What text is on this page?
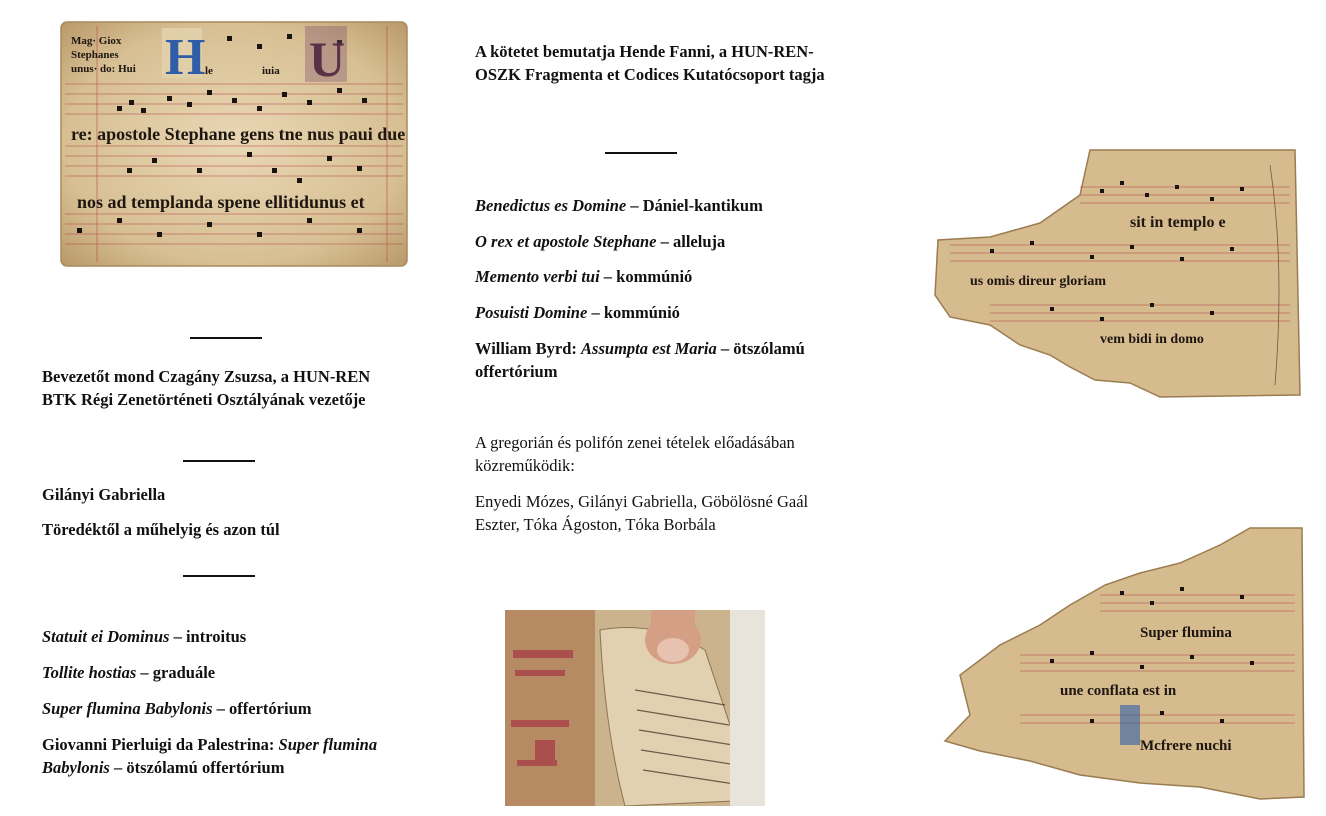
H U
re: apostole Stephane gens tne nus paui due
nos ad templanda spene ellitidunus et
Mag· Giox
Stephanes
unus· do: Hui	le	iuia
Bevezetőt mond Czagány Zsuzsa, a HUN-REN BTK Régi Zenetörténeti Osztályának vezetője
Gilányi Gabriella
Töredéktől a műhelyig és azon túl
Statuit ei Dominus – introitus
Tollite hostias – graduále
Super flumina Babylonis – offertórium
Giovanni Pierluigi da Palestrina: Super flumina Babylonis – ötszólamú offertórium
A kötetet bemutatja Hende Fanni, a HUN-REN-OSZK Fragmenta et Codices Kutatócsoport tagja
Benedictus es Domine – Dániel-kantikum
O rex et apostole Stephane – alleluja
Memento verbi tui – kommúnió
Posuisti Domine – kommúnió
William Byrd: Assumpta est Maria – ötszólamú offertórium
A gregorián és polifón zenei tételek előadásában közreműködik:
Enyedi Mózes, Gilányi Gabriella, Göbölösné Gaál Eszter, Tóka Ágoston, Tóka Borbála
sit in templo e
us omis direur gloriam
vem bidi in domo
Super flumina
une conflata est in
Mcfrere nuchi
